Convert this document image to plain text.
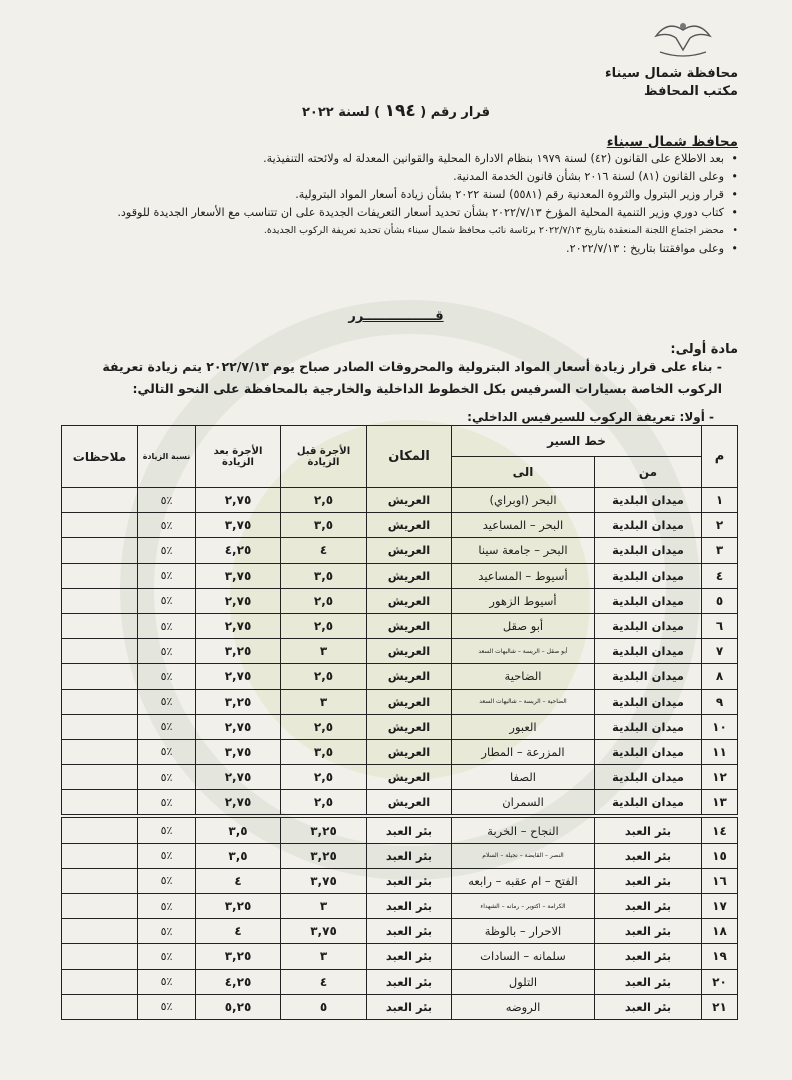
محافظة شمال سيناء
مكتب المحافظ
قرار رقم ( ١٩٤ ) لسنة ٢٠٢٢
محافظ شمال سيناء
• بعد الاطلاع على القانون (٤٢) لسنة ١٩٧٩ بنظام الادارة المحلية والقوانين المعدلة له ولائحته التنفيذية.
• وعلى القانون (٨١) لسنة ٢٠١٦ بشأن قانون الخدمة المدنية.
• قرار وزير البترول والثروة المعدنية رقم (٥٥٨١) لسنة ٢٠٢٢ بشأن زيادة أسعار المواد البترولية.
• كتاب دوري وزير التنمية المحلية المؤرخ ٢٠٢٢/٧/١٣ بشأن تحديد أسعار التعريفات الجديدة على ان تتناسب مع الأسعار الجديدة للوقود.
• محضر اجتماع اللجنة المنعقدة بتاريخ ٢٠٢٢/٧/١٣ برئاسة نائب محافظ شمال سيناء بشأن تحديد تعريفة الركوب الجديدة.
• وعلى موافقتنا بتاريخ : ٢٠٢٢/٧/١٣.
قــــــــــــــــرر
مادة أولى:
- بناء على قرار زيادة أسعار المواد البترولية والمحروقات الصادر صباح يوم ٢٠٢٢/٧/١٣ يتم زيادة تعريفة الركوب الخاصة بسيارات السرفيس بكل الخطوط الداخلية والخارجية بالمحافظة على النحو التالي:
- أولا: تعريفة الركوب للسيرفيس الداخلي:
م	خط السير		المكان	الأجرة قبل الزيادة	الأجرة بعد الزيادة	نسبة الزيادة	ملاحظات
	من	الى					
١	ميدان البلدية	البحر (اوبراي)	العريش	٢,٥	٢,٧٥	٥٪	
٢	ميدان البلدية	البحر – المساعيد	العريش	٣,٥	٣,٧٥	٥٪	
٣	ميدان البلدية	البحر – جامعة سينا	العريش	٤	٤,٢٥	٥٪	
٤	ميدان البلدية	أسيوط – المساعيد	العريش	٣,٥	٣,٧٥	٥٪	
٥	ميدان البلدية	أسيوط الزهور	العريش	٢,٥	٢,٧٥	٥٪	
٦	ميدان البلدية	أبو صقل	العريش	٢,٥	٢,٧٥	٥٪	
٧	ميدان البلدية	أبو صقل – الريسة – شاليهات السعد	العريش	٣	٣,٢٥	٥٪	
٨	ميدان البلدية	الضاحية	العريش	٢,٥	٢,٧٥	٥٪	
٩	ميدان البلدية	الضاحية – الريسة – شاليهات السعد	العريش	٣	٣,٢٥	٥٪	
١٠	ميدان البلدية	العبور	العريش	٢,٥	٢,٧٥	٥٪	
١١	ميدان البلدية	المزرعة – المطار	العريش	٣,٥	٣,٧٥	٥٪	
١٢	ميدان البلدية	الصفا	العريش	٢,٥	٢,٧٥	٥٪	
١٣	ميدان البلدية	السمران	العريش	٢,٥	٢,٧٥	٥٪	
١٤	بئر العبد	النجاح – الخربة	بئر العبد	٣,٢٥	٣,٥	٥٪	
١٥	بئر العبد	النصر – القايضة – نجيلة – السلام	بئر العبد	٣,٢٥	٣,٥	٥٪	
١٦	بئر العبد	الفتح – ام عقبه – رابعه	بئر العبد	٣,٧٥	٤	٥٪	
١٧	بئر العبد	الكرامة – اكتوبر – رمانه – الشهداء	بئر العبد	٣	٣,٢٥	٥٪	
١٨	بئر العبد	الاحرار – بالوظة	بئر العبد	٣,٧٥	٤	٥٪	
١٩	بئر العبد	سلمانه – السادات	بئر العبد	٣	٣,٢٥	٥٪	
٢٠	بئر العبد	التلول	بئر العبد	٤	٤,٢٥	٥٪	
٢١	بئر العبد	الروضه	بئر العبد	٥	٥,٢٥	٥٪	
